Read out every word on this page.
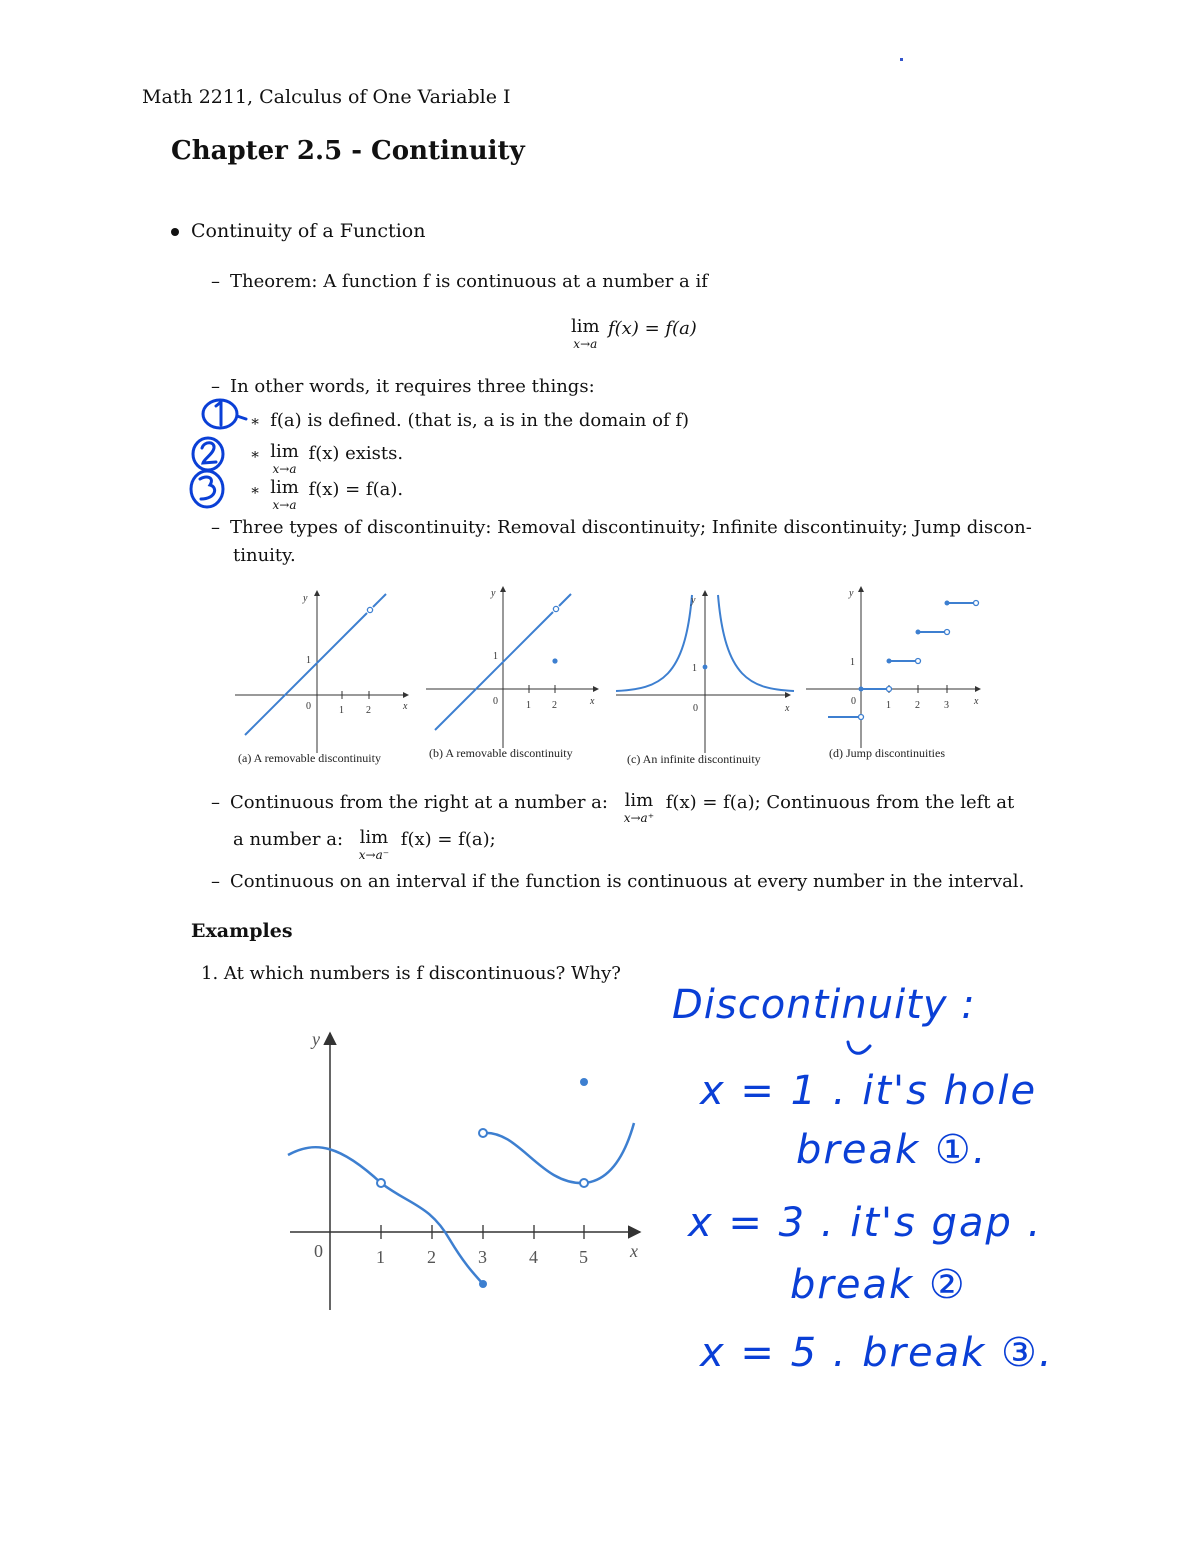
Math 2211, Calculus of One Variable I
Chapter 2.5 - Continuity
Continuity of a Function
– Theorem: A function f is continuous at a number a if
lim
x→a
f(x) = f(a)
– In other words, it requires three things:
∗ f(a) is defined. (that is, a is in the domain of f)
∗ lim
x→a
f(x) exists.
∗ lim
x→a
f(x) = f(a).
– Three types of discontinuity: Removal discontinuity; Infinite discontinuity; Jump discon-
tinuity.
y
1
0	1 2	x
(a) A removable discontinuity
y
1
0	1 2	x
(b) A removable discontinuity
y
1
0	x
(c) An infinite discontinuity
y
1
0	1 2 3	x
(d) Jump discontinuities
– Continuous from the right at a number a: lim
x→a⁺
f(x) = f(a); Continuous from the left at
a number a: lim
x→a⁻
f(x) = f(a);
– Continuous on an interval if the function is continuous at every number in the interval.
Examples
1. At which numbers is f discontinuous? Why?
y
0	1 2 3 4 5 x
Discontinuity :
x = 1 . it's hole
break ①.
x = 3 . it's gap .
break ②
x = 5 . break ③.
